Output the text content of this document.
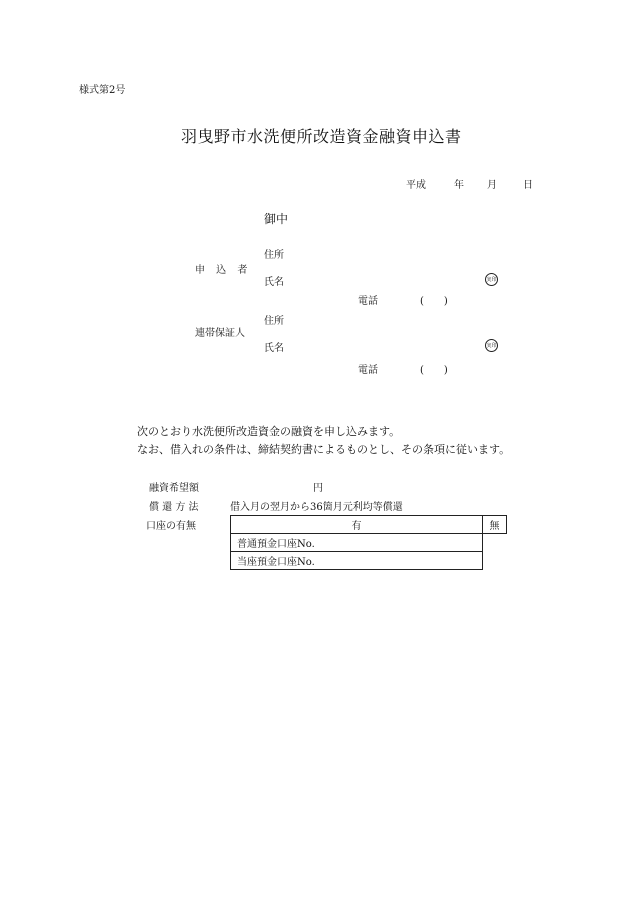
様式第2号
羽曳野市水洗便所改造資金融資申込書
平成	年 月	日
御中
申 込 者
住所
氏名	実印
電話	(　　)
連帯保証人
住所
氏名	実印
電話	(　　)
次のとおり水洗便所改造資金の融資を申し込みます。
なお、借入れの条件は、締結契約書によるものとし、その条項に従います。
融資希望額	円
償 還 方 法	借入月の翌月から36箇月元利均等償還
口座の有無	有	無
普通預金口座No.
当座預金口座No.
